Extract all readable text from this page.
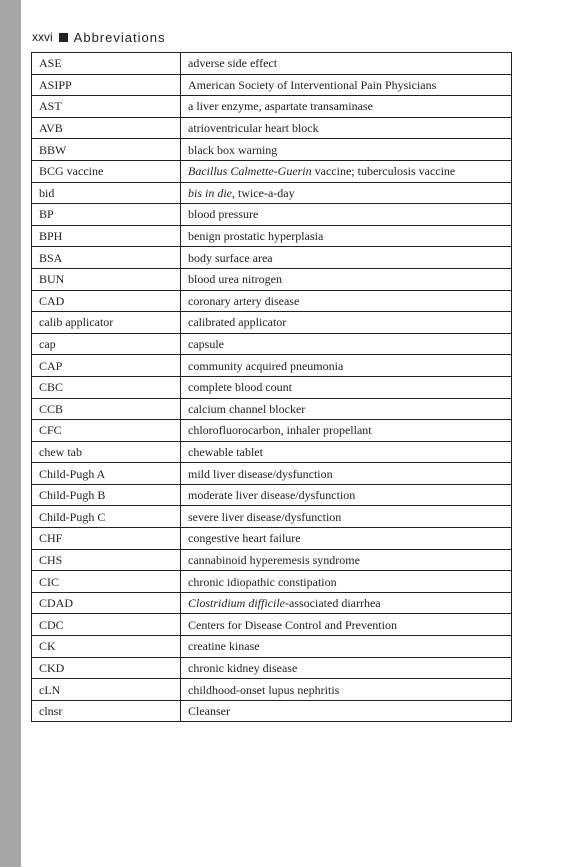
xxvi Abbreviations
ASE	adverse side effect
ASIPP	American Society of Interventional Pain Physicians
AST	a liver enzyme, aspartate transaminase
AVB	atrioventricular heart block
BBW	black box warning
BCG vaccine	Bacillus Calmette-Guerin vaccine; tuberculosis vaccine
bid	bis in die, twice-a-day
BP	blood pressure
BPH	benign prostatic hyperplasia
BSA	body surface area
BUN	blood urea nitrogen
CAD	coronary artery disease
calib applicator	calibrated applicator
cap	capsule
CAP	community acquired pneumonia
CBC	complete blood count
CCB	calcium channel blocker
CFC	chlorofluorocarbon, inhaler propellant
chew tab	chewable tablet
Child-Pugh A	mild liver disease/dysfunction
Child-Pugh B	moderate liver disease/dysfunction
Child-Pugh C	severe liver disease/dysfunction
CHF	congestive heart failure
CHS	cannabinoid hyperemesis syndrome
CIC	chronic idiopathic constipation
CDAD	Clostridium difficile-associated diarrhea
CDC	Centers for Disease Control and Prevention
CK	creatine kinase
CKD	chronic kidney disease
cLN	childhood-onset lupus nephritis
clnsr	Cleanser
